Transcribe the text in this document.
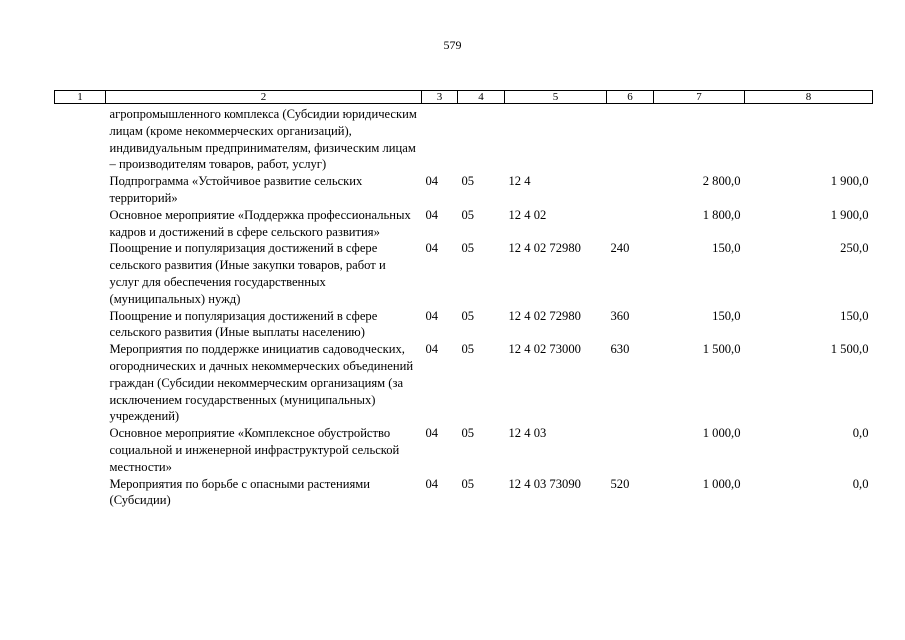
579
1	2	3	4	5	6	7	8
	агропромышленного комплекса (Субсидии юридическим лицам (кроме некоммерческих организаций), индивидуальным предпринимателям, физическим лицам – производителям товаров, работ, услуг)						
	Подпрограмма «Устойчивое развитие сельских территорий»	04	05	12 4		2 800,0	1 900,0
	Основное мероприятие «Поддержка профессиональных кадров и достижений в сфере сельского развития»	04	05	12 4 02		1 800,0	1 900,0
	Поощрение и популяризация достижений в сфере сельского развития (Иные закупки товаров, работ и услуг для обеспечения государственных (муниципальных) нужд)	04	05	12 4 02 72980	240	150,0	250,0
	Поощрение и популяризация достижений в сфере сельского развития (Иные выплаты населению)	04	05	12 4 02 72980	360	150,0	150,0
	Мероприятия по поддержке инициатив садоводческих, огороднических и дачных некоммерческих объединений граждан (Субсидии некоммерческим организациям (за исключением государственных (муниципальных) учреждений)	04	05	12 4 02 73000	630	1 500,0	1 500,0
	Основное мероприятие «Комплексное обустройство социальной и инженерной инфраструктурой сельской местности»	04	05	12 4 03		1 000,0	0,0
	Мероприятия по борьбе с опасными растениями (Субсидии)	04	05	12 4 03 73090	520	1 000,0	0,0
